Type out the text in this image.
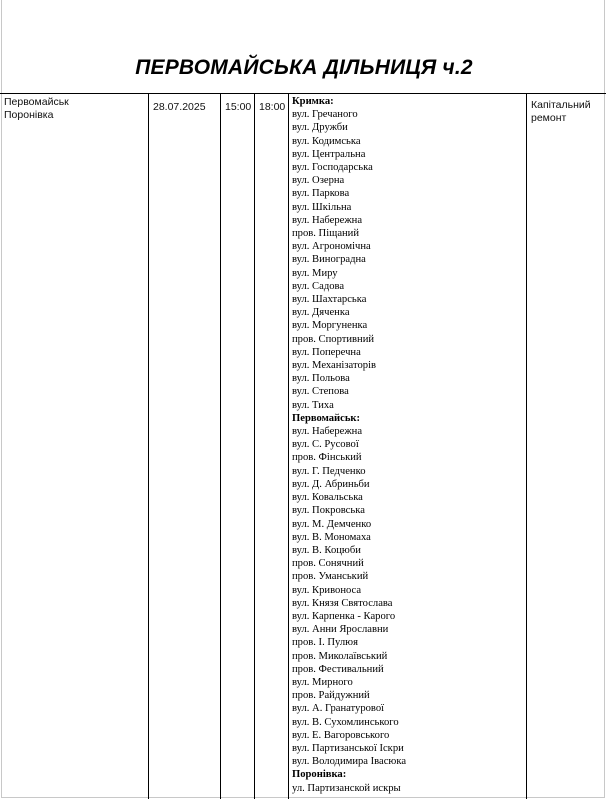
ПЕРВОМАЙСЬКА ДІЛЬНИЦЯ ч.2
Первомайськ
Поронівка
28.07.2025 15:00 18:00	Капітальний
ремонт
Кримка:
вул. Гречаного
вул. Дружби
вул. Кодимська
вул. Центральна
вул. Господарська
вул. Озерна
вул. Паркова
вул. Шкільна
вул. Набережна
пров. Піщаний
вул. Агрономічна
вул. Виноградна
вул. Миру
вул. Садова
вул. Шахтарська
вул. Дяченка
вул. Моргуненка
пров. Спортивний
вул. Поперечна
вул. Механізаторів
вул. Польова
вул. Степова
вул. Тиха
Первомайськ:
вул. Набережна
вул. С. Русової
пров. Фінський
вул. Г. Педченко
вул. Д. Абриньби
вул. Ковальська
вул. Покровська
вул. М. Демченко
вул. В. Мономаха
вул. В. Коцюби
пров. Сонячний
пров. Уманський
вул. Кривоноса
вул. Князя Святослава
вул. Карпенка - Карого
вул. Анни Ярославни
пров. І. Пулюя
пров. Миколаївський
пров. Фестивальний
вул. Мирного
пров. Райдужний
вул. А. Гранатурової
вул. В. Сухомлинського
вул. Е. Вагоровського
вул. Партизанської Іскри
вул. Володимира Івасюка
Поронівка:
ул. Партизанской искры
